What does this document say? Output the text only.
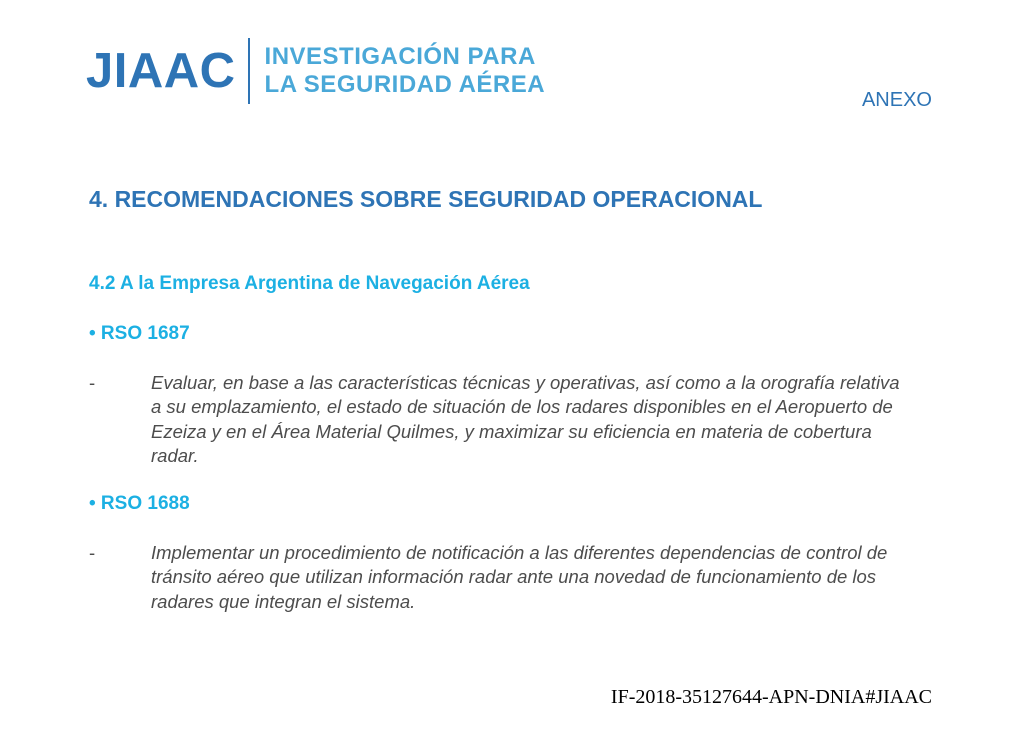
JIAAC INVESTIGACIÓN PARA
LA SEGURIDAD AÉREA
ANEXO
4. RECOMENDACIONES SOBRE SEGURIDAD OPERACIONAL
4.2 A la Empresa Argentina de Navegación Aérea
• RSO 1687
-	Evaluar, en base a las características técnicas y operativas, así como a la orografía relativa a su emplazamiento, el estado de situación de los radares disponibles en el Aeropuerto de Ezeiza y en el Área Material Quilmes, y maximizar su eficiencia en materia de cobertura radar.
• RSO 1688
-	Implementar un procedimiento de notificación a las diferentes dependencias de control de tránsito aéreo que utilizan información radar ante una novedad de funcionamiento de los radares que integran el sistema.
IF-2018-35127644-APN-DNIA#JIAAC
